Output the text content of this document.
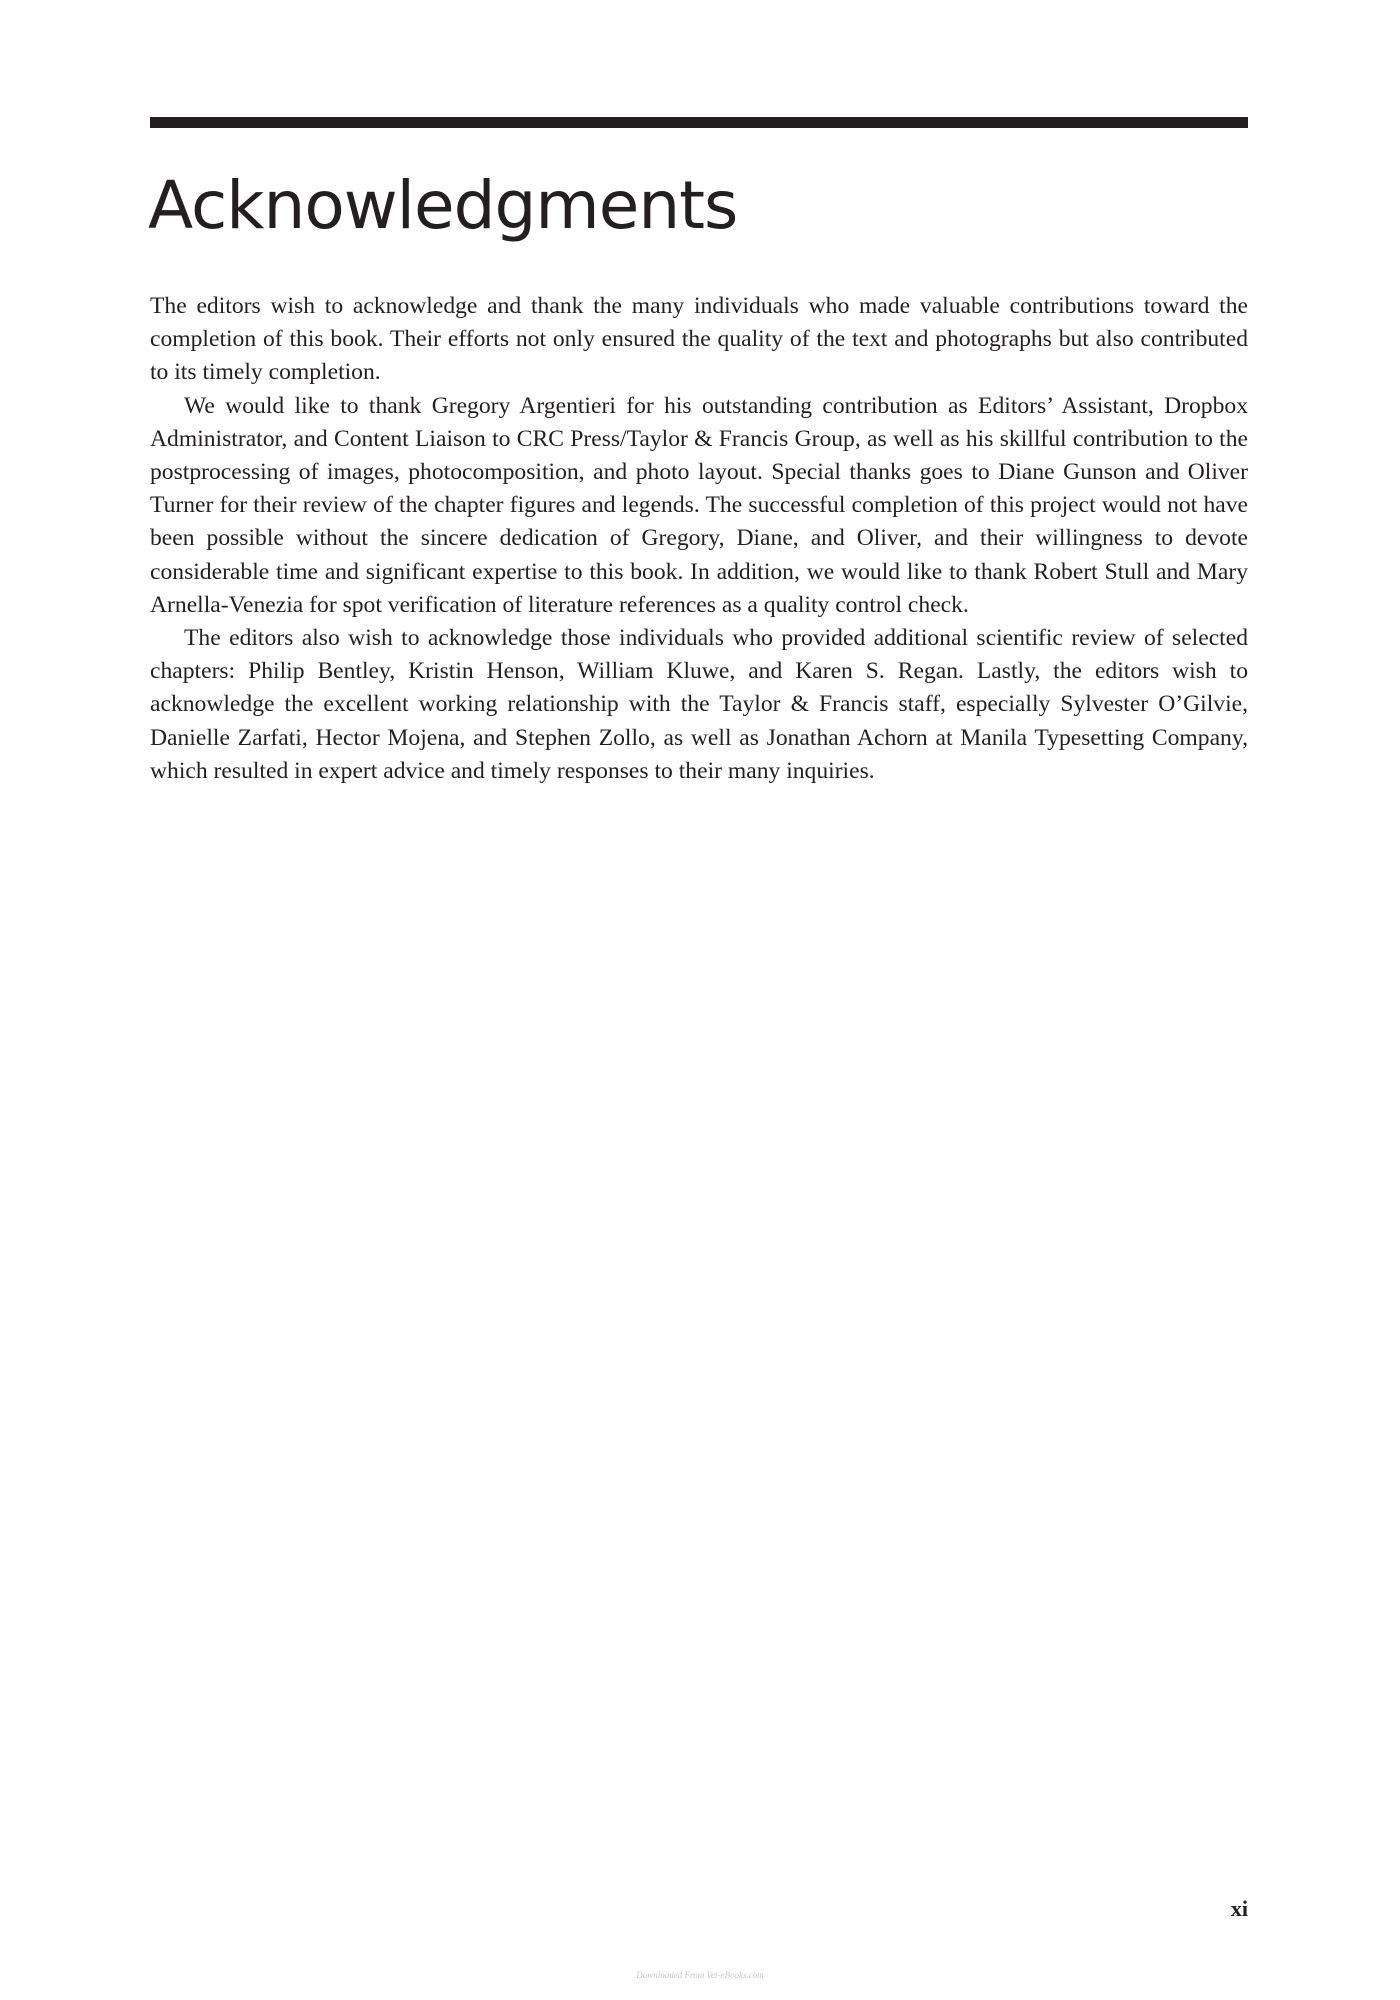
Acknowledgments

The editors wish to acknowledge and thank the many individuals who made valuable contributions toward the completion of this book. Their efforts not only ensured the quality of the text and photographs but also contributed to its timely completion.

We would like to thank Gregory Argentieri for his outstanding contribution as Editors’ Assistant, Dropbox Administrator, and Content Liaison to CRC Press/Taylor & Francis Group, as well as his skillful contribution to the postprocessing of images, photocomposition, and photo layout. Special thanks goes to Diane Gunson and Oliver Turner for their review of the chapter figures and legends. The successful completion of this project would not have been possible without the sincere dedication of Gregory, Diane, and Oliver, and their willingness to devote considerable time and significant expertise to this book. In addition, we would like to thank Robert Stull and Mary Arnella-Venezia for spot verification of literature references as a quality control check.

The editors also wish to acknowledge those individuals who provided additional scientific review of selected chapters: Philip Bentley, Kristin Henson, William Kluwe, and Karen S. Regan. Lastly, the editors wish to acknowledge the excellent working relationship with the Taylor & Francis staff, especially Sylvester O’Gilvie, Danielle Zarfati, Hector Mojena, and Stephen Zollo, as well as Jonathan Achorn at Manila Typesetting Company, which resulted in expert advice and timely responses to their many inquiries.

xi
Downloaded From Vet-eBooks.com
